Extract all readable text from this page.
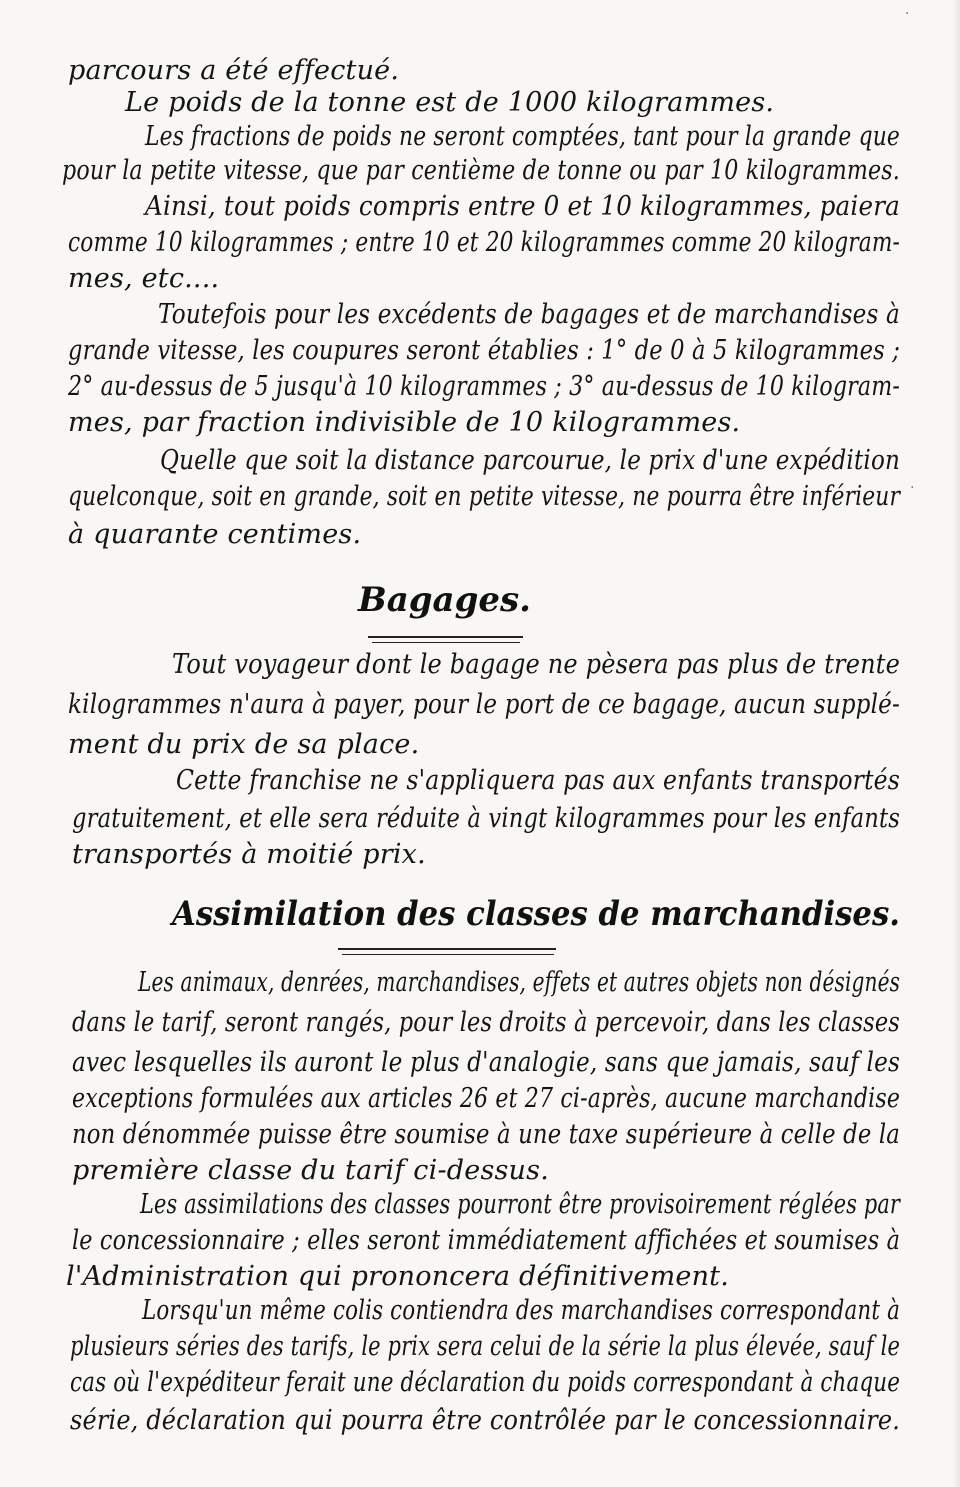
·
·
parcours a été effectué.
Le poids de la tonne est de 1000 kilogrammes.
Les fractions de poids ne seront comptées, tant pour la grande que
pour la petite vitesse, que par centième de tonne ou par 10 kilogrammes.
Ainsi, tout poids compris entre 0 et 10 kilogrammes, paiera
comme 10 kilogrammes ; entre 10 et 20 kilogrammes comme 20 kilogram-
mes, etc....
Toutefois pour les excédents de bagages et de marchandises à
grande vitesse, les coupures seront établies : 1° de 0 à 5 kilogrammes ;
2° au-dessus de 5 jusqu'à 10 kilogrammes ; 3° au-dessus de 10 kilogram-
mes, par fraction indivisible de 10 kilogrammes.
Quelle que soit la distance parcourue, le prix d'une expédition
quelconque, soit en grande, soit en petite vitesse, ne pourra être inférieur
à quarante centimes.
Bagages.
Tout voyageur dont le bagage ne pèsera pas plus de trente
kilogrammes n'aura à payer, pour le port de ce bagage, aucun supplé-
ment du prix de sa place.
Cette franchise ne s'appliquera pas aux enfants transportés
gratuitement, et elle sera réduite à vingt kilogrammes pour les enfants
transportés à moitié prix.
Assimilation des classes de marchandises.
Les animaux, denrées, marchandises, effets et autres objets non désignés
dans le tarif, seront rangés, pour les droits à percevoir, dans les classes
avec lesquelles ils auront le plus d'analogie, sans que jamais, sauf les
exceptions formulées aux articles 26 et 27 ci-après, aucune marchandise
non dénommée puisse être soumise à une taxe supérieure à celle de la
première classe du tarif ci-dessus.
Les assimilations des classes pourront être provisoirement réglées par
le concessionnaire ; elles seront immédiatement affichées et soumises à
l'Administration qui prononcera définitivement.
Lorsqu'un même colis contiendra des marchandises correspondant à
plusieurs séries des tarifs, le prix sera celui de la série la plus élevée, sauf le
cas où l'expéditeur ferait une déclaration du poids correspondant à chaque
série, déclaration qui pourra être contrôlée par le concessionnaire.
